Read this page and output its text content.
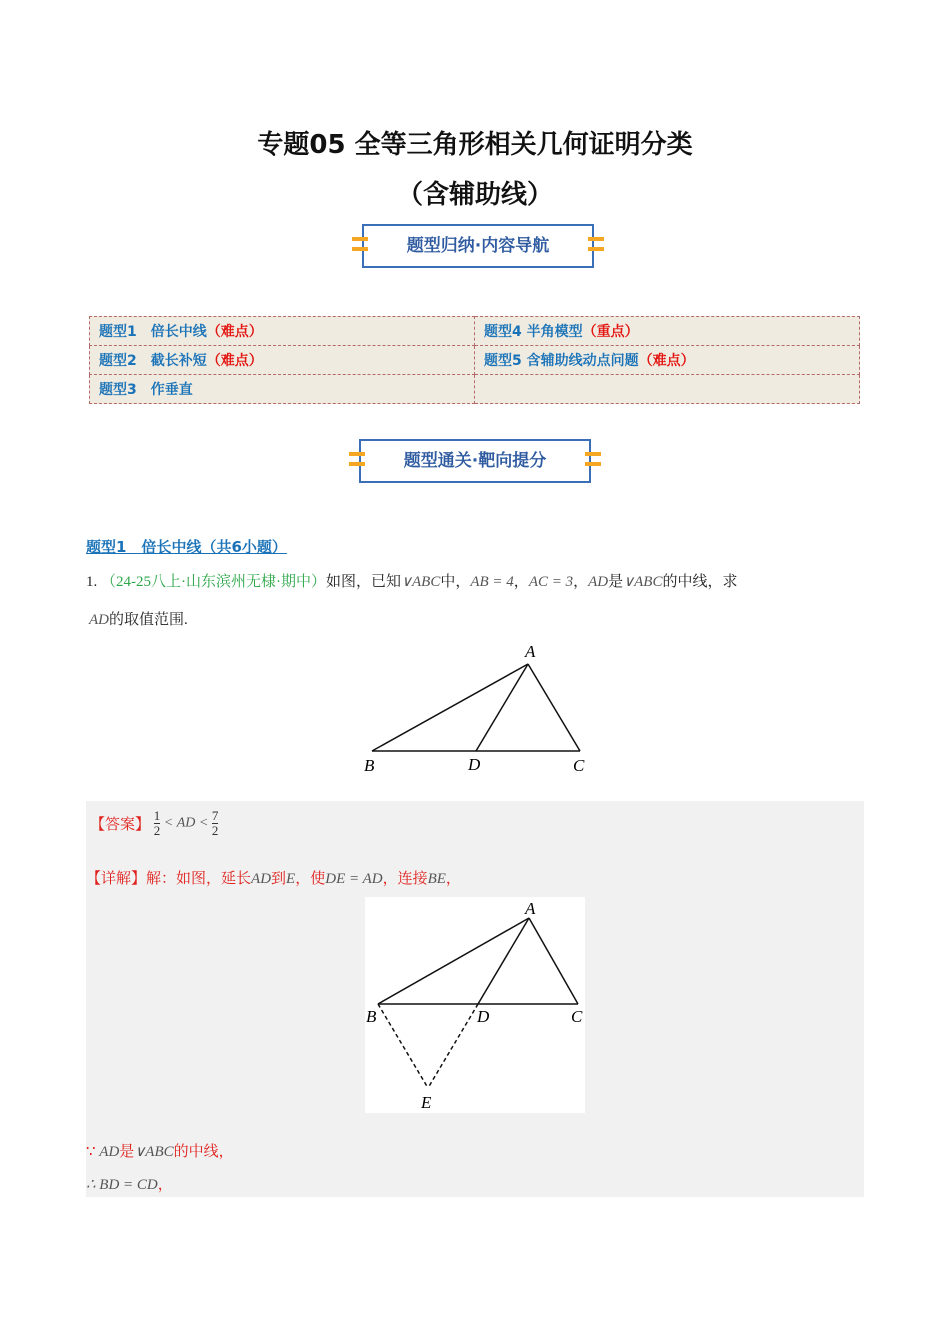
专题05 全等三角形相关几何证明分类
（含辅助线）
题型归纳·内容导航
题型1　倍长中线（难点）	题型4 半角模型（重点）
题型2　截长补短（难点）	题型5 含辅助线动点问题（难点）
题型3　作垂直	
题型通关·靶向提分
题型1　倍长中线（共6小题）
1. （24-25八上·山东滨州无棣·期中）如图，已知∨ABC中，AB = 4，AC = 3，AD是∨ABC的中线，求
AD的取值范围.
A
B	D	C
【答案】 $\frac{1}{2}$ < AD < $\frac{7}{2}$
【详解】解：如图，延长AD到E，使DE = AD，连接BE，
A
B	D	C
E
∵ AD是∨ABC的中线，
∴ BD = CD，
